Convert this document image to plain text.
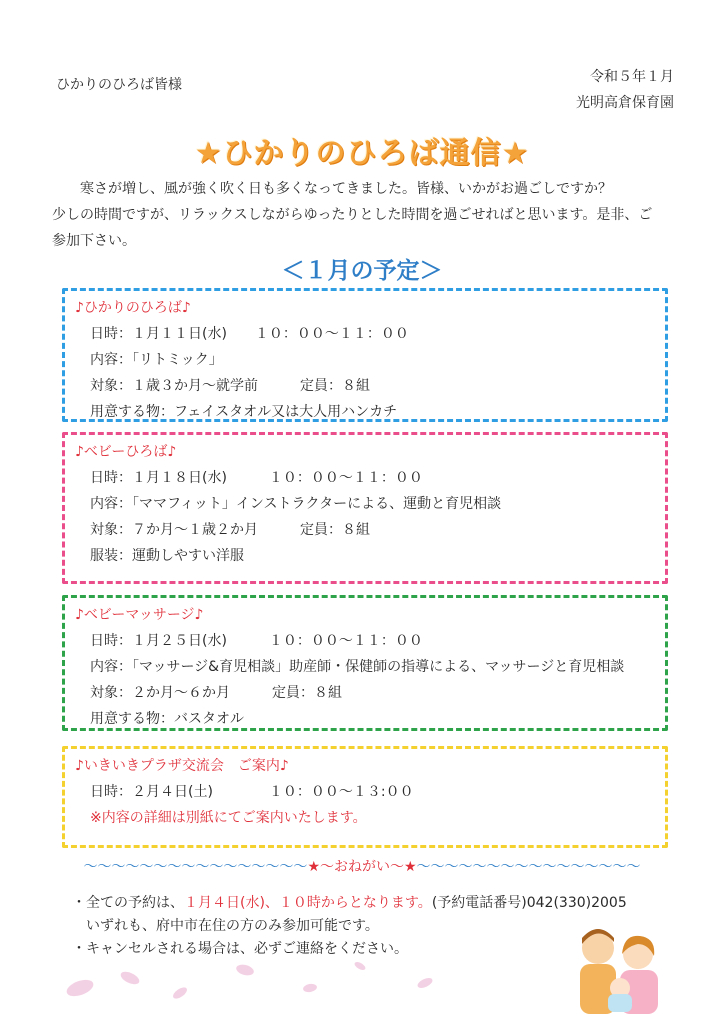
ひかりのひろば皆様	令和５年１月
光明高倉保育園
★ひかりのひろば通信★

寒さが増し、風が強く吹く日も多くなってきました。皆様、いかがお過ごしですか？

少しの時間ですが、リラックスしながらゆったりとした時間を過ごせればと思います。是非、ご

参加下さい。

＜１月の予定＞
♪ひかりのひろば♪
日時：１月１１日(水)　　１０：００～１１：００
内容：「リトミック」
対象：１歳３か月～就学前　　　定員：８組
用意する物：フェイスタオル又は大人用ハンカチ
♪ベビーひろば♪
日時：１月１８日(水)　　　１０：００～１１：００
内容：「ママフィット」インストラクターによる、運動と育児相談
対象：７か月～１歳２か月　　　定員：８組
服装：運動しやすい洋服
♪ベビーマッサージ♪
日時：１月２５日(水)　　　１０：００～１１：００
内容：「マッサージ&育児相談」助産師・保健師の指導による、マッサージと育児相談
対象：２か月～６か月　　　定員：８組
用意する物：バスタオル
♪いきいきプラザ交流会　ご案内♪
日時：２月４日(土)　　　　１０：００～１３:００
※内容の詳細は別紙にてご案内いたします。
～～～～～～～～～～～～～～～～★～おねがい～★～～～～～～～～～～～～～～～～
・全ての予約は、１月４日(水)、１０時からとなります。(予約電話番号)042(330)2005
　いずれも、府中市在住の方のみ参加可能です。
・キャンセルされる場合は、必ずご連絡をください。
